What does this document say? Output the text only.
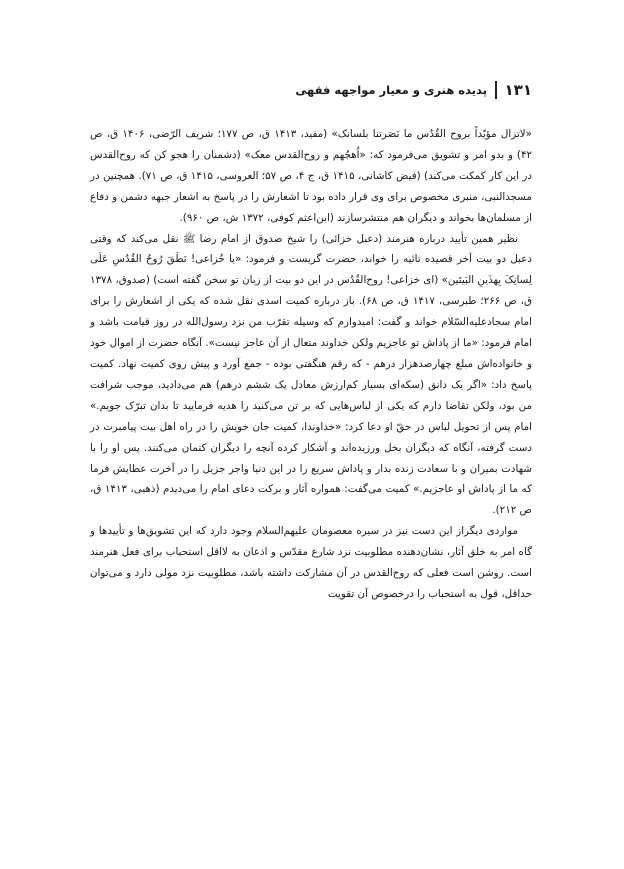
۱۳۱
پدیده هنری و معیار مواجهه فقهی

«لاتزال مؤیّداً بروح القُدُس ما نَصَرتنا بلسانک» (مفید، ۱۴۱۳ ق، ص ۱۷۷؛ شریف الرّضی، ۱۴۰۶ ق، ص ۴۲) و بدو امر و تشویق می‌فرمود که: «اُهجُهم و روح‌القدس معک» (دشمنان را هجو کن که روح‌القدس در این کار کمکت می‌کند) (فیض کاشانی، ۱۴۱۵ ق، ج ۴، ص ۵۷؛ العروسی، ۱۴۱۵ ق، ص ۷۱). همچنین در مسجدالنبی، منبری مخصوص برای وی قرار داده بود تا اشعارش را در پاسخ به اشعار جبهه دشمن و دفاع از مسلمان‌ها بخواند و دیگران هم منتشرسازند (ابن‌اعثم کوفی، ۱۳۷۲ ش، ص ۹۶۰).

نظیر همین تأیید درباره هنرمند (دعبل خزائی) را شیخ صدوق از امام رضا ﷺ نقل می‌کند که وقتی دعبل دو بیت آخر قصیده تائیه را خواند، حضرت گریست و فرمود: «یا خُزاعی! نَطَقَ رُوحُ القُدُسِ عَلَی لِسانِکَ بِهذَینِ البَیتَین» (ای خزاعی! روح‌القُدُس در این دو بیت از زبان تو سخن گفته است) (صدوق، ۱۳۷۸ ق، ص ۲۶۶؛ طبرسی، ۱۴۱۷ ق، ص ۶۸). باز درباره کمیت اسدی نقل شده که یکی از اشعارش را برای امام سجادعلیه‌السّلام خواند و گفت: امیدوارم که وسیله تقرّب من نزد رسول‌الله در روز قیامت باشد و امام فرمود: «ما از پاداش تو عاجزیم ولکن خداوند متعال از آن عاجز نیست». آنگاه حضرت از اموال خود و خانواده‌اش مبلغ چهارصدهزار درهم - که رقم هنگفتی بوده - جمع آورد و پیش روی کمیت نهاد. کمیت پاسخ داد: «اگر یک دانق (سکه‌ای بسیار کم‌ارزش معادل یک ششم درهم) هم می‌دادید، موجب شرافت من بود، ولکن تقاضا دارم که یکی از لباس‌هایی که بر تن می‌کنید را هدیه فرمایید تا بدان تبرّک جویم.» امام پس از تحویل لباس در حقّ او دعا کرد: «خداوندا، کمیت جان خویش را در راه اهل بیت پیامبرت در دست گرفته، آنگاه که دیگران بخل ورزیده‌اند و آشکار کرده آنچه را دیگران کتمان می‌کنند. پس او را با شهادت بمیران و با سعادت زنده بدار و پاداش سریع را در این دنیا واجر جزیل را در آخرت عطایش فرما که ما از پاداش او عاجزیم.» کمیت می‌گفت: همواره آثار و برکت دعای امام را می‌دیدم (ذهبی، ۱۴۱۳ ق، ص ۲۱۲).

مواردی دیگراز این دست نیز در سیره معصومان علیهم‌السلام وجود دارد که این تشویق‌ها و تأییدها و گاه امر به خلق آثار، نشان‌دهنده مطلوبیت نزد شارع مقدّس و اذعان به لااقل استحباب برای فعل هنرمند است. روشن است فعلی که روح‌القدس در آن مشارکت داشته باشد، مطلوبیت نزد مولی دارد و می‌توان حداقل، قول به استحباب را درخصوص آن تقویت
